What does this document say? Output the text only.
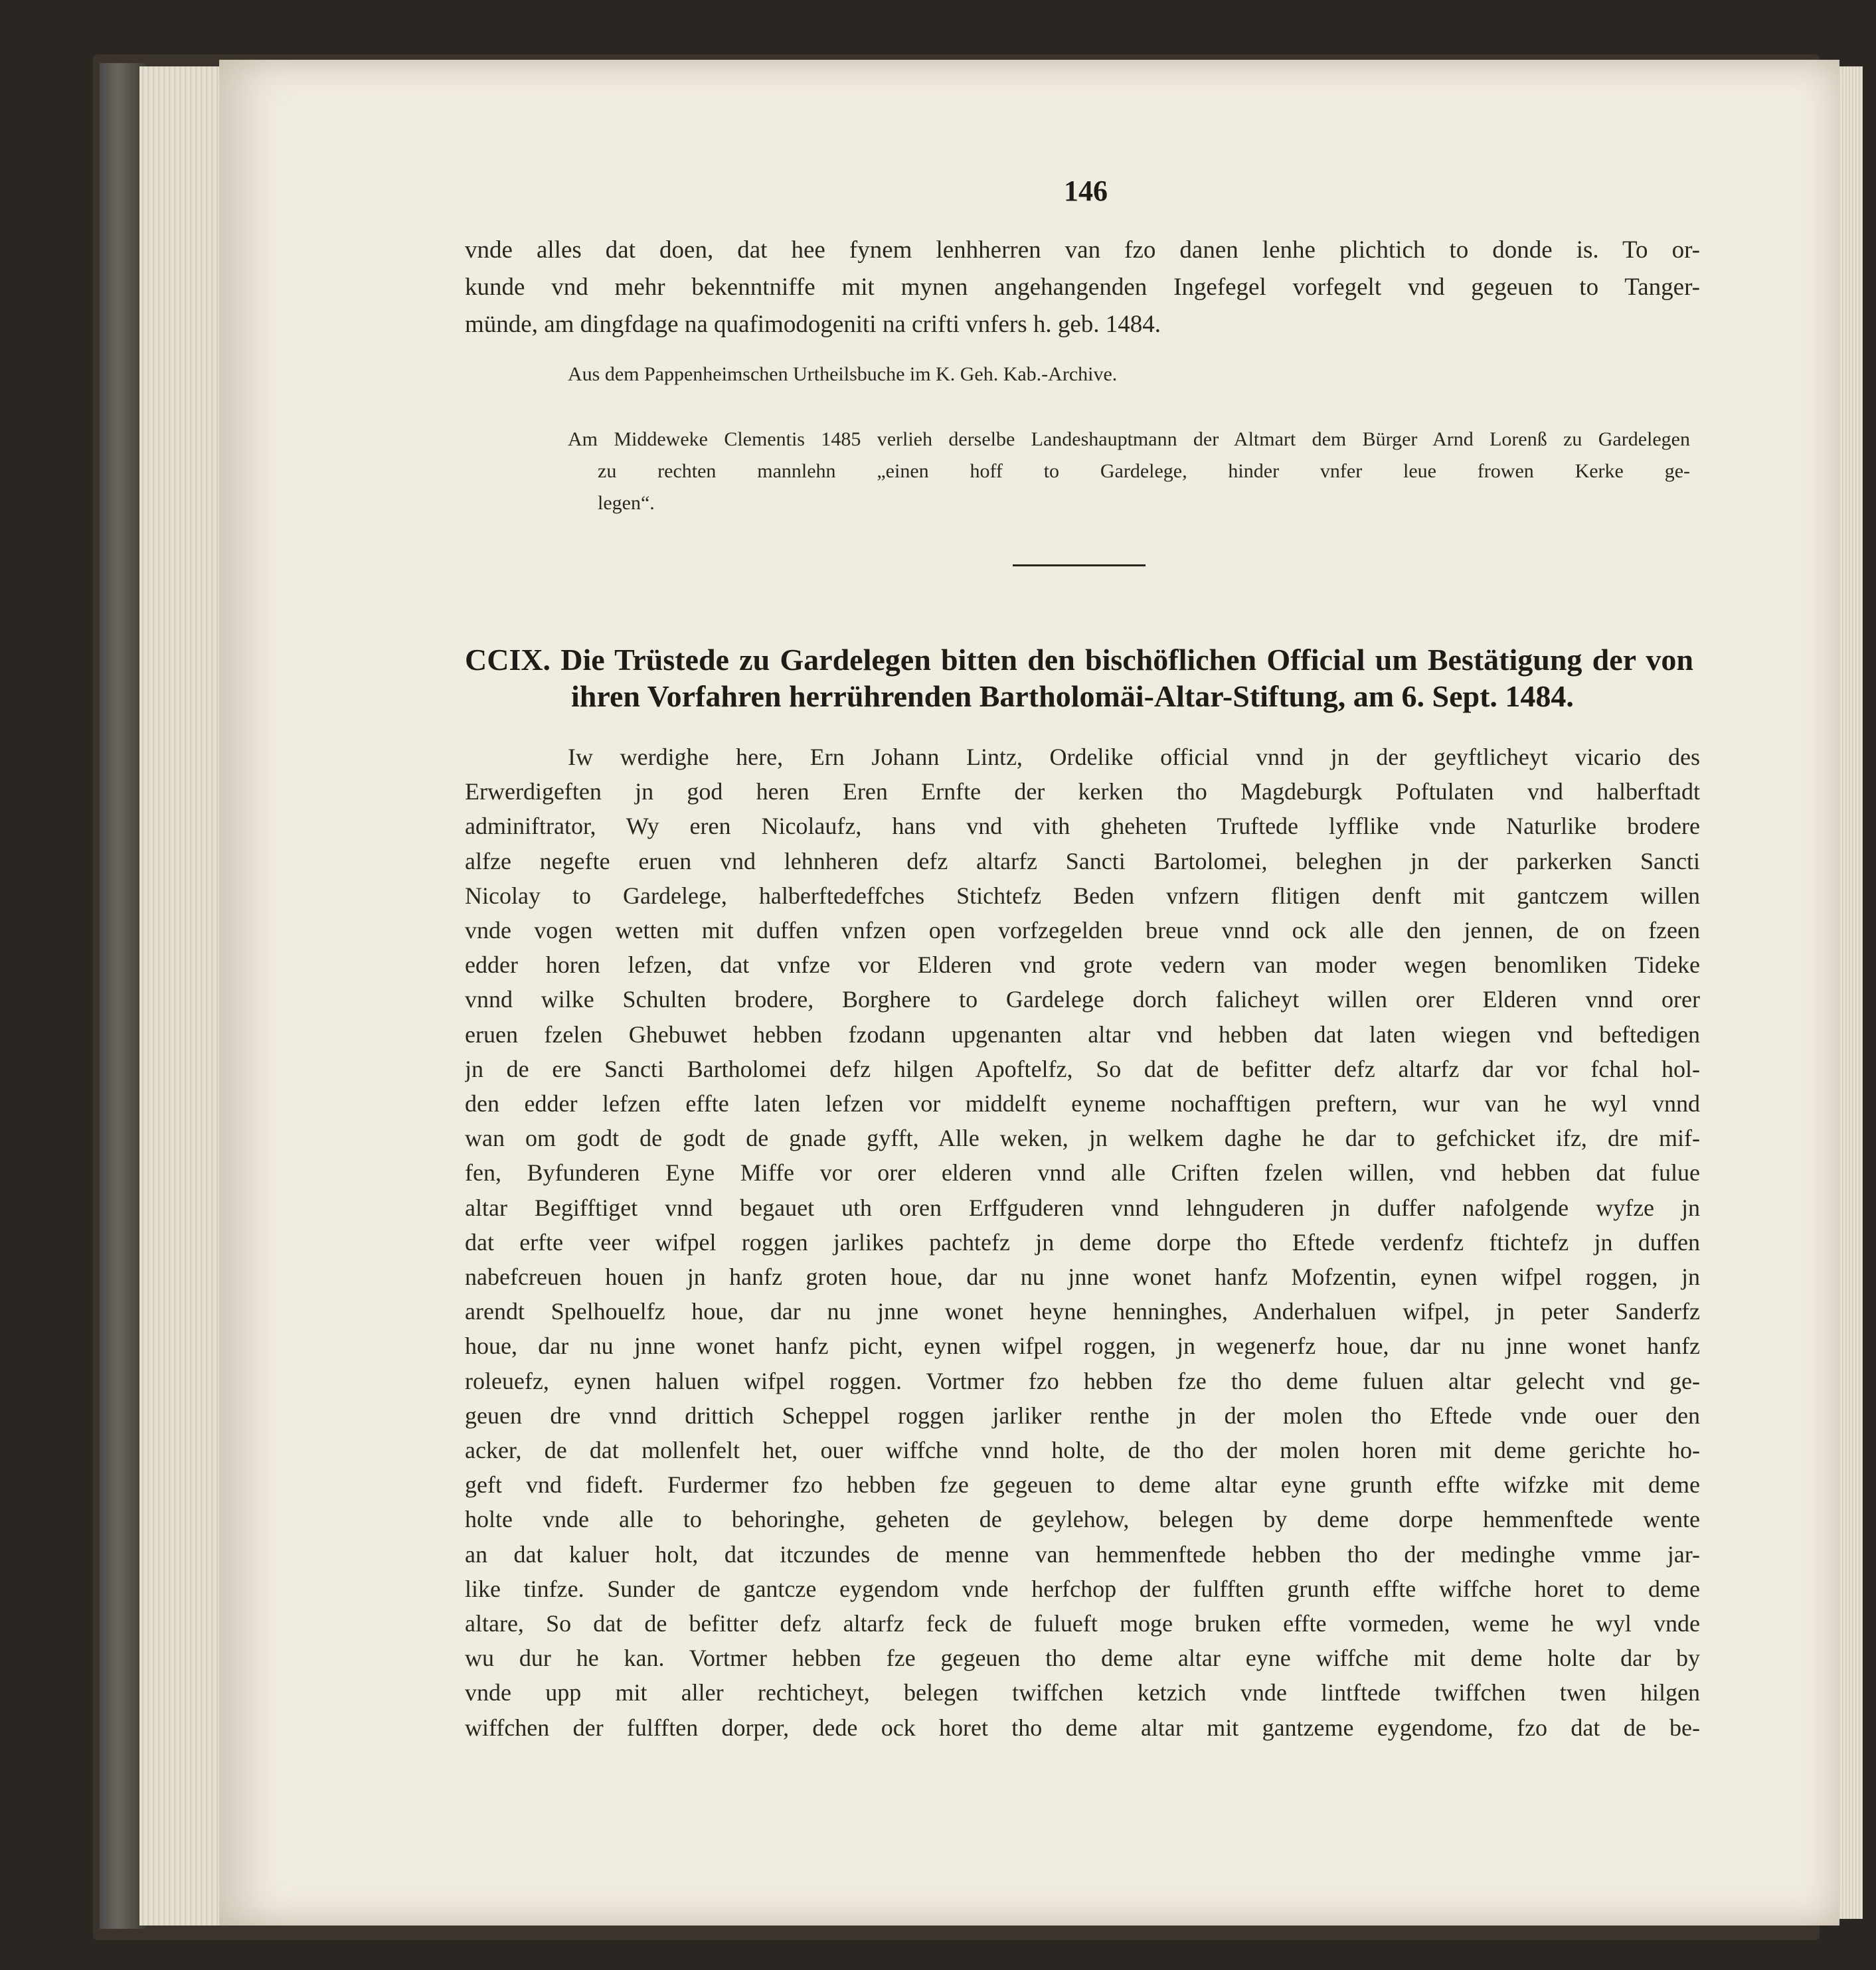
146

vnde alles dat doen, dat hee fynem lenhherren van fzo danen lenhe plichtich to donde is. To or-

kunde vnd mehr bekenntniffe mit mynen angehangenden Ingefegel vorfegelt vnd gegeuen to Tanger-

münde, am dingfdage na quafimodogeniti na crifti vnfers h. geb. 1484.

Aus dem Pappenheimschen Urtheilsbuche im K. Geh. Kab.-Archive.

Am Middeweke Clementis 1485 verlieh derselbe Landeshauptmann der Altmart dem Bürger Arnd Lorenß zu Gardelegen

zu rechten mannlehn „einen hoff to Gardelege, hinder vnfer leue frowen Kerke ge-

legen“.

CCIX. Die Trüstede zu Gardelegen bitten den bischöflichen Official um Bestätigung der von

ihren Vorfahren herrührenden Bartholomäi-Altar-Stiftung, am 6. Sept. 1484.

Iw werdighe here, Ern Johann Lintz, Ordelike official vnnd jn der geyftlicheyt vicario des

Erwerdigeften jn god heren Eren Ernfte der kerken tho Magdeburgk Poftulaten vnd halberftadt

adminiftrator, Wy eren Nicolaufz, hans vnd vith gheheten Truftede lyfflike vnde Naturlike brodere

alfze negefte eruen vnd lehnheren defz altarfz Sancti Bartolomei, beleghen jn der parkerken Sancti

Nicolay to Gardelege, halberftedeffches Stichtefz Beden vnfzern flitigen denft mit gantczem willen

vnde vogen wetten mit duffen vnfzen open vorfzegelden breue vnnd ock alle den jennen, de on fzeen

edder horen lefzen, dat vnfze vor Elderen vnd grote vedern van moder wegen benomliken Tideke

vnnd wilke Schulten brodere, Borghere to Gardelege dorch falicheyt willen orer Elderen vnnd orer

eruen fzelen Ghebuwet hebben fzodann upgenanten altar vnd hebben dat laten wiegen vnd beftedigen

jn de ere Sancti Bartholomei defz hilgen Apoftelfz, So dat de befitter defz altarfz dar vor fchal hol-

den edder lefzen effte laten lefzen vor middelft eyneme nochafftigen preftern, wur van he wyl vnnd

wan om godt de godt de gnade gyfft, Alle weken, jn welkem daghe he dar to gefchicket ifz, dre mif-

fen, Byfunderen Eyne Miffe vor orer elderen vnnd alle Criften fzelen willen, vnd hebben dat fulue

altar Begifftiget vnnd begauet uth oren Erffguderen vnnd lehnguderen jn duffer nafolgende wyfze jn

dat erfte veer wifpel roggen jarlikes pachtefz jn deme dorpe tho Eftede verdenfz ftichtefz jn duffen

nabefcreuen houen jn hanfz groten houe, dar nu jnne wonet hanfz Mofzentin, eynen wifpel roggen, jn

arendt Spelhouelfz houe, dar nu jnne wonet heyne henninghes, Anderhaluen wifpel, jn peter Sanderfz

houe, dar nu jnne wonet hanfz picht, eynen wifpel roggen, jn wegenerfz houe, dar nu jnne wonet hanfz

roleuefz, eynen haluen wifpel roggen. Vortmer fzo hebben fze tho deme fuluen altar gelecht vnd ge-

geuen dre vnnd drittich Scheppel roggen jarliker renthe jn der molen tho Eftede vnde ouer den

acker, de dat mollenfelt het, ouer wiffche vnnd holte, de tho der molen horen mit deme gerichte ho-

geft vnd fideft. Furdermer fzo hebben fze gegeuen to deme altar eyne grunth effte wifzke mit deme

holte vnde alle to behoringhe, geheten de geylehow, belegen by deme dorpe hemmenftede wente

an dat kaluer holt, dat itczundes de menne van hemmenftede hebben tho der medinghe vmme jar-

like tinfze. Sunder de gantcze eygendom vnde herfchop der fulfften grunth effte wiffche horet to deme

altare, So dat de befitter defz altarfz feck de fulueft moge bruken effte vormeden, weme he wyl vnde

wu dur he kan. Vortmer hebben fze gegeuen tho deme altar eyne wiffche mit deme holte dar by

vnde upp mit aller rechticheyt, belegen twiffchen ketzich vnde lintftede twiffchen twen hilgen

wiffchen der fulfften dorper, dede ock horet tho deme altar mit gantzeme eygendome, fzo dat de be-
